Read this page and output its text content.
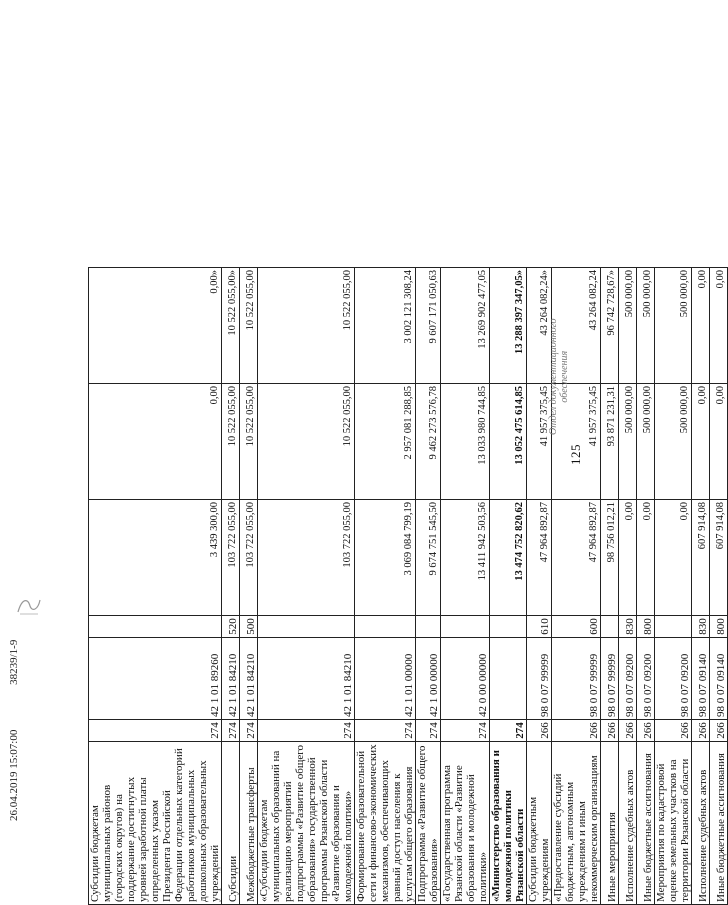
125
Субсидии бюджетам муниципальных районов (городских округов) на поддержание достигнутых уровней заработной платы определенных указом Президента Российской Федерации отдельных категорий работников муниципальных дошкольных образовательных учреждений	274	42 1 01 89260		3 439 300,00	0,00	0,00»
Субсидии	274	42 1 01 84210	520	103 722 055,00	10 522 055,00	10 522 055,00»
Межбюджетные трансферты	274	42 1 01 84210	500	103 722 055,00	10 522 055,00	10 522 055,00
«Субсидии бюджетам муниципальных образований на реализацию мероприятий подпрограммы «Развитие общего образования» государственной программы Рязанской области «Развитие образования и молодежной политики»	274	42 1 01 84210		103 722 055,00	10 522 055,00	10 522 055,00
Формирование образовательной сети и финансово-экономических механизмов, обеспечивающих равный доступ населения к услугам общего образования	274	42 1 01 00000		3 069 084 799,19	2 957 081 288,85	3 002 121 308,24
Подпрограмма «Развитие общего образования»	274	42 1 00 00000		9 674 751 545,50	9 462 273 576,78	9 607 171 050,63
«Государственная программа Рязанской области «Развитие образования и молодежной политики»	274	42 0 00 00000		13 411 942 503,56	13 033 980 744,85	13 269 902 477,05
«Министерство образования и молодежной политики Рязанской области	274			13 474 752 820,62	13 052 475 614,85	13 288 397 347,05»
Субсидии бюджетным учреждениям	266	98 0 07 99999	610	47 964 892,87	41 957 375,45	43 264 082,24»
«Предоставление субсидий бюджетным, автономным учреждениям и иным некоммерческим организациям	266	98 0 07 99999	600	47 964 892,87	41 957 375,45	43 264 082,24
Иные мероприятия	266	98 0 07 99999		98 756 012,21	93 871 231,31	96 742 728,67»
Исполнение судебных актов	266	98 0 07 09200	830	0,00	500 000,00	500 000,00
Иные бюджетные ассигнования	266	98 0 07 09200	800	0,00	500 000,00	500 000,00
Мероприятия по кадастровой оценке земельных участков на территории Рязанской области	266	98 0 07 09200		0,00	500 000,00	500 000,00
Исполнение судебных актов	266	98 0 07 09140	830	607 914,08	0,00	0,00
Иные бюджетные ассигнования	266	98 0 07 09140	800	607 914,08	0,00	0,00
Отдел документационного обеспечения
26.04.2019 15:07:00 38239/1-9
